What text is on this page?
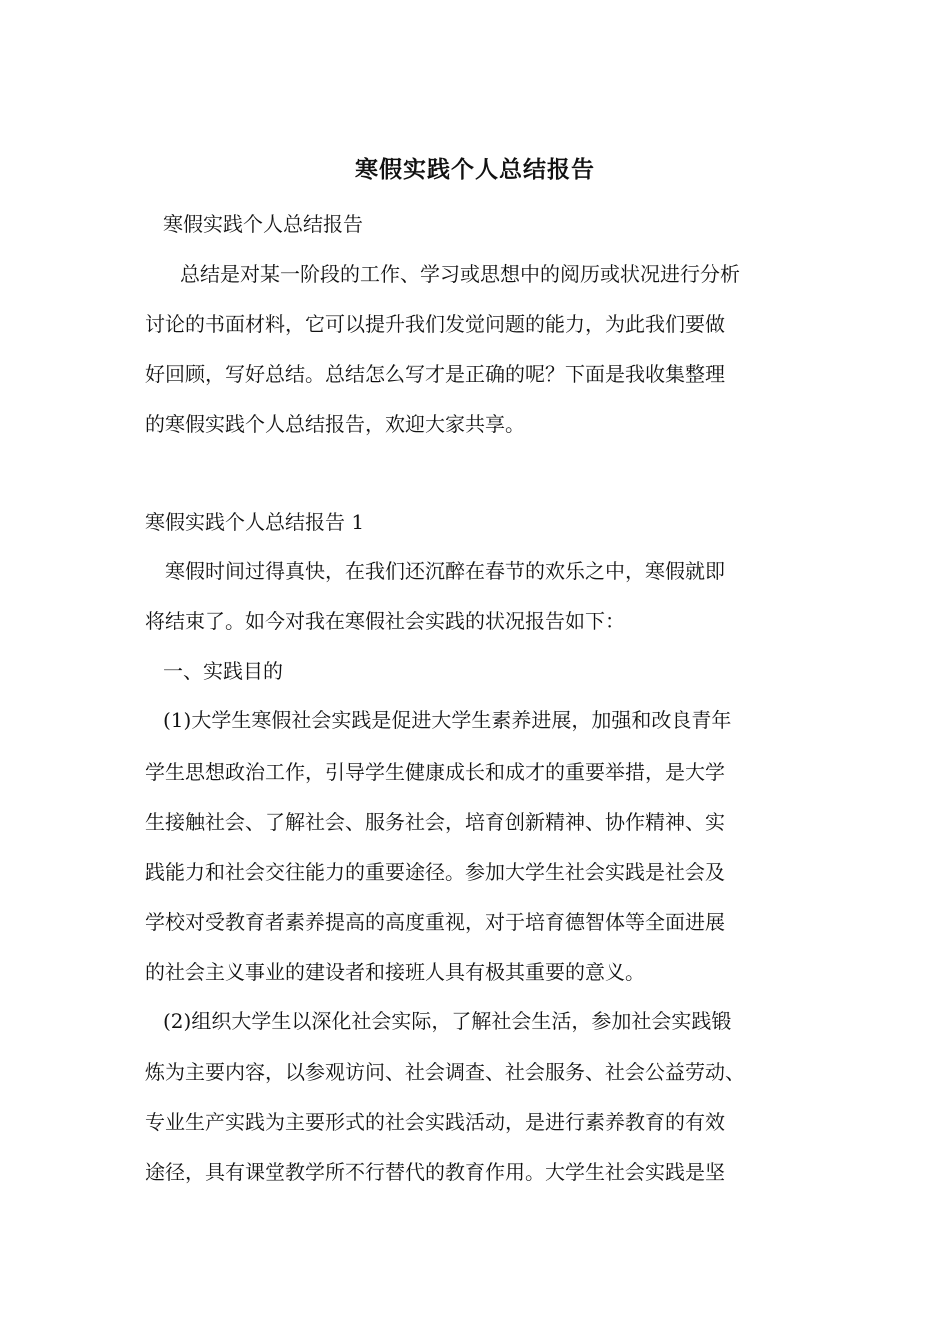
寒假实践个人总结报告

寒假实践个人总结报告

总结是对某一阶段的工作、学习或思想中的阅历或状况进行分析

讨论的书面材料，它可以提升我们发觉问题的能力，为此我们要做

好回顾，写好总结。总结怎么写才是正确的呢？下面是我收集整理

的寒假实践个人总结报告，欢迎大家共享。

寒假实践个人总结报告 1

寒假时间过得真快，在我们还沉醉在春节的欢乐之中，寒假就即

将结束了。如今对我在寒假社会实践的状况报告如下：

一、实践目的

(1)大学生寒假社会实践是促进大学生素养进展，加强和改良青年

学生思想政治工作，引导学生健康成长和成才的重要举措，是大学

生接触社会、了解社会、服务社会，培育创新精神、协作精神、实

践能力和社会交往能力的重要途径。参加大学生社会实践是社会及

学校对受教育者素养提高的高度重视，对于培育德智体等全面进展

的社会主义事业的建设者和接班人具有极其重要的意义。

(2)组织大学生以深化社会实际，了解社会生活，参加社会实践锻

炼为主要内容，以参观访问、社会调查、社会服务、社会公益劳动、

专业生产实践为主要形式的社会实践活动，是进行素养教育的有效

途径，具有课堂教学所不行替代的教育作用。大学生社会实践是坚
